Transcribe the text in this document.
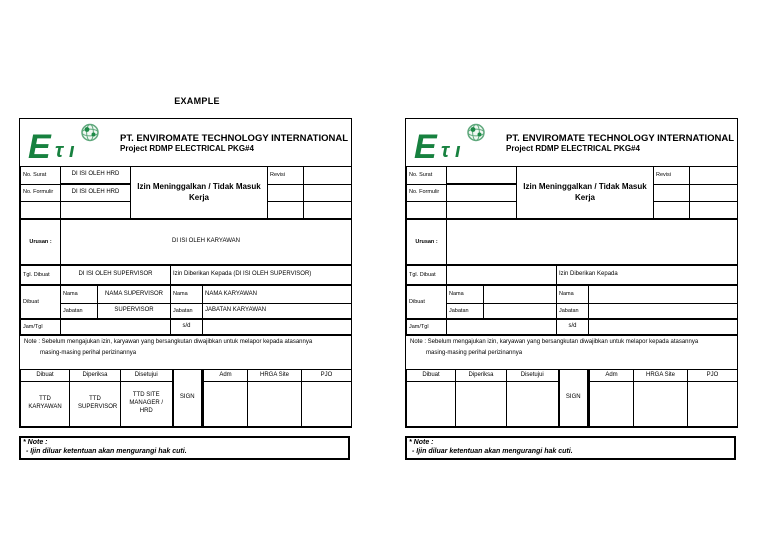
EXAMPLE
E τ ı
PT. ENVIROMATE TECHNOLOGY INTERNATIONAL
Project RDMP ELECTRICAL PKG#4
No. Surat	DI ISI OLEH HRD	Izin Meninggalkan / Tidak Masuk Kerja	Revisi	
No. Formulir	DI ISI OLEH HRD			

Urusan :	DI ISI OLEH KARYAWAN
Tgl. Dibuat	DI ISI OLEH SUPERVISOR	Izin Diberikan Kepada (DI ISI OLEH SUPERVISOR)
Dibuat	Nama	NAMA SUPERVISOR	Nama	NAMA KARYAWAN
	Jabatan	SUPERVISOR	Jabatan	JABATAN KARYAWAN
Jam/Tgl		s/d	
Note : Sebelum mengajukan izin, karyawan yang bersangkutan diwajibkan untuk melapor kepada atasannya
masing-masing perihal perizinannya
Dibuat	Diperiksa	Disetujui	SIGN	Adm	HRGA Site	PJO
TTD KARYAWAN	TTD SUPERVISOR	TTD SITE MANAGER / HRD				
* Note :
- Ijin diluar ketentuan akan mengurangi hak cuti.
E τ ı
PT. ENVIROMATE TECHNOLOGY INTERNATIONAL
Project RDMP ELECTRICAL PKG#4
No. Surat		Izin Meninggalkan / Tidak Masuk Kerja	Revisi	
No. Formulir				

Urusan :	
Tgl. Dibuat		Izin Diberikan Kepada
Dibuat	Nama		Nama	
	Jabatan		Jabatan	
Jam/Tgl		s/d	
Note : Sebelum mengajukan izin, karyawan yang bersangkutan diwajibkan untuk melapor kepada atasannya
masing-masing perihal perizinannya
Dibuat	Diperiksa	Disetujui	SIGN	Adm	HRGA Site	PJO

* Note :
- Ijin diluar ketentuan akan mengurangi hak cuti.
